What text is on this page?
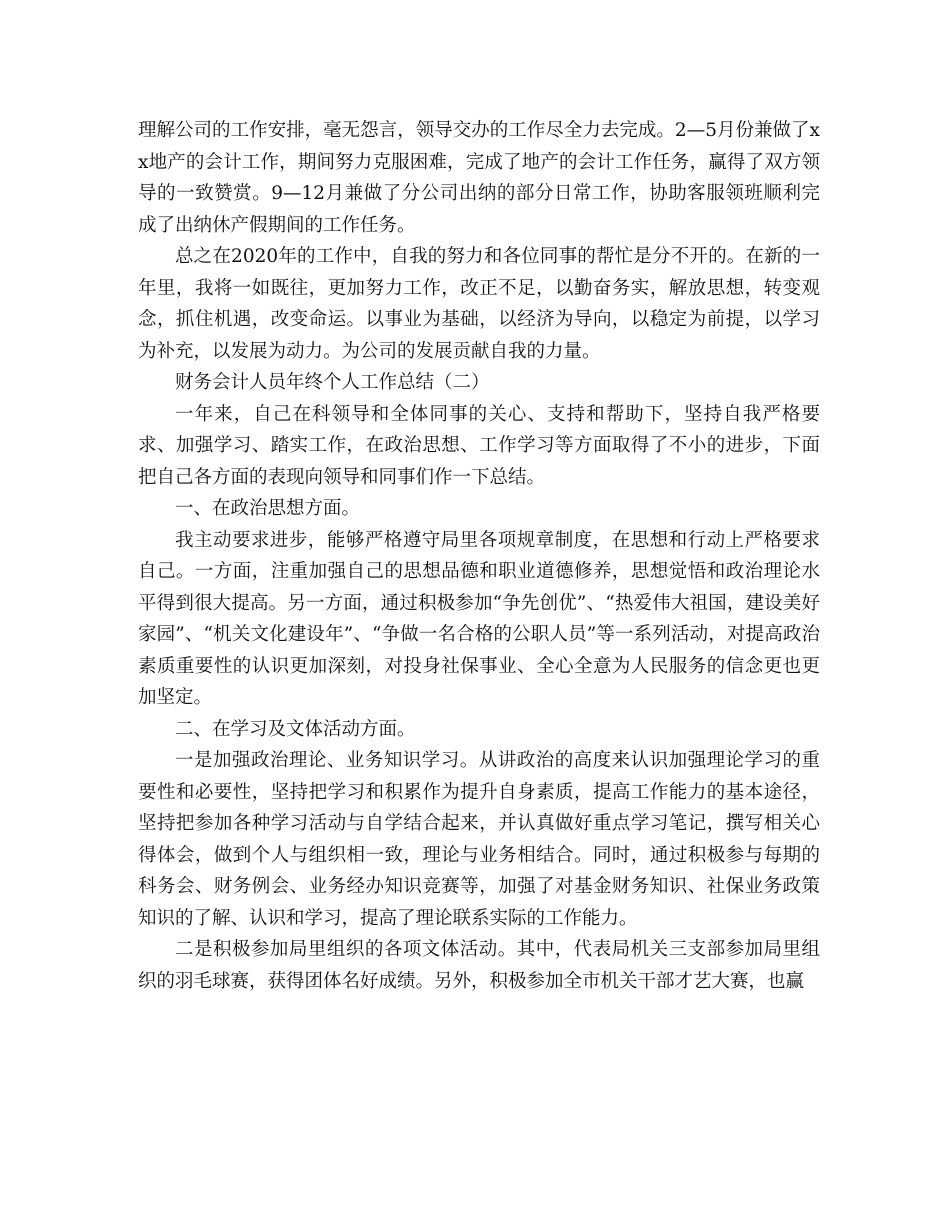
理解公司的工作安排，毫无怨言，领导交办的工作尽全力去完成。2—5月份兼做了xx地产的会计工作，期间努力克服困难，完成了地产的会计工作任务，赢得了双方领导的一致赞赏。9—12月兼做了分公司出纳的部分日常工作，协助客服领班顺利完成了出纳休产假期间的工作任务。

总之在2020年的工作中，自我的努力和各位同事的帮忙是分不开的。在新的一年里，我将一如既往，更加努力工作，改正不足，以勤奋务实，解放思想，转变观念，抓住机遇，改变命运。以事业为基础，以经济为导向，以稳定为前提，以学习为补充，以发展为动力。为公司的发展贡献自我的力量。

财务会计人员年终个人工作总结（二）

一年来，自己在科领导和全体同事的关心、支持和帮助下，坚持自我严格要求、加强学习、踏实工作，在政治思想、工作学习等方面取得了不小的进步，下面把自己各方面的表现向领导和同事们作一下总结。

一、在政治思想方面。

我主动要求进步，能够严格遵守局里各项规章制度，在思想和行动上严格要求自己。一方面，注重加强自己的思想品德和职业道德修养，思想觉悟和政治理论水平得到很大提高。另一方面，通过积极参加“争先创优”、“热爱伟大祖国，建设美好家园”、“机关文化建设年”、“争做一名合格的公职人员”等一系列活动，对提高政治素质重要性的认识更加深刻，对投身社保事业、全心全意为人民服务的信念更也更加坚定。

二、在学习及文体活动方面。

一是加强政治理论、业务知识学习。从讲政治的高度来认识加强理论学习的重要性和必要性，坚持把学习和积累作为提升自身素质，提高工作能力的基本途径，坚持把参加各种学习活动与自学结合起来，并认真做好重点学习笔记，撰写相关心得体会，做到个人与组织相一致，理论与业务相结合。同时，通过积极参与每期的科务会、财务例会、业务经办知识竞赛等，加强了对基金财务知识、社保业务政策知识的了解、认识和学习，提高了理论联系实际的工作能力。

二是积极参加局里组织的各项文体活动。其中，代表局机关三支部参加局里组织的羽毛球赛，获得团体名好成绩。另外，积极参加全市机关干部才艺大赛，也赢
